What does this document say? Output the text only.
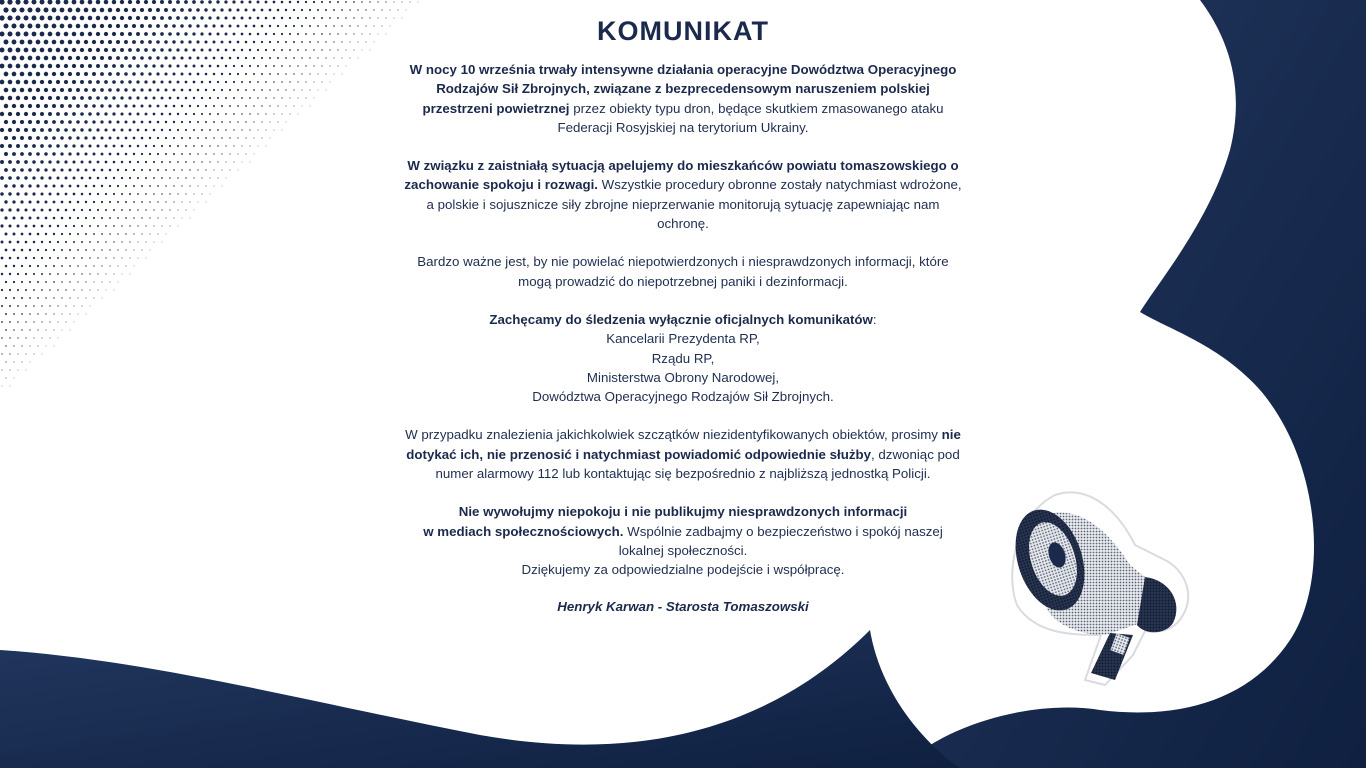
KOMUNIKAT

W nocy 10 września trwały intensywne działania operacyjne Dowództwa Operacyjnego Rodzajów Sił Zbrojnych, związane z bezprecedensowym naruszeniem polskiej przestrzeni powietrznej przez obiekty typu dron, będące skutkiem zmasowanego ataku Federacji Rosyjskiej na terytorium Ukrainy.

W związku z zaistniałą sytuacją apelujemy do mieszkańców powiatu tomaszowskiego o zachowanie spokoju i rozwagi. Wszystkie procedury obronne zostały natychmiast wdrożone, a polskie i sojusznicze siły zbrojne nieprzerwanie monitorują sytuację zapewniając nam ochronę.

Bardzo ważne jest, by nie powielać niepotwierdzonych i niesprawdzonych informacji, które mogą prowadzić do niepotrzebnej paniki i dezinformacji.

Zachęcamy do śledzenia wyłącznie oficjalnych komunikatów:
Kancelarii Prezydenta RP,
Rządu RP,
Ministerstwa Obrony Narodowej,
Dowództwa Operacyjnego Rodzajów Sił Zbrojnych.

W przypadku znalezienia jakichkolwiek szczątków niezidentyfikowanych obiektów, prosimy nie dotykać ich, nie przenosić i natychmiast powiadomić odpowiednie służby, dzwoniąc pod numer alarmowy 112 lub kontaktując się bezpośrednio z najbliższą jednostką Policji.

Nie wywołujmy niepokoju i nie publikujmy niesprawdzonych informacji
w mediach społecznościowych. Wspólnie zadbajmy o bezpieczeństwo i spokój naszej lokalnej społeczności.
Dziękujemy za odpowiedzialne podejście i współpracę.

Henryk Karwan - Starosta Tomaszowski
